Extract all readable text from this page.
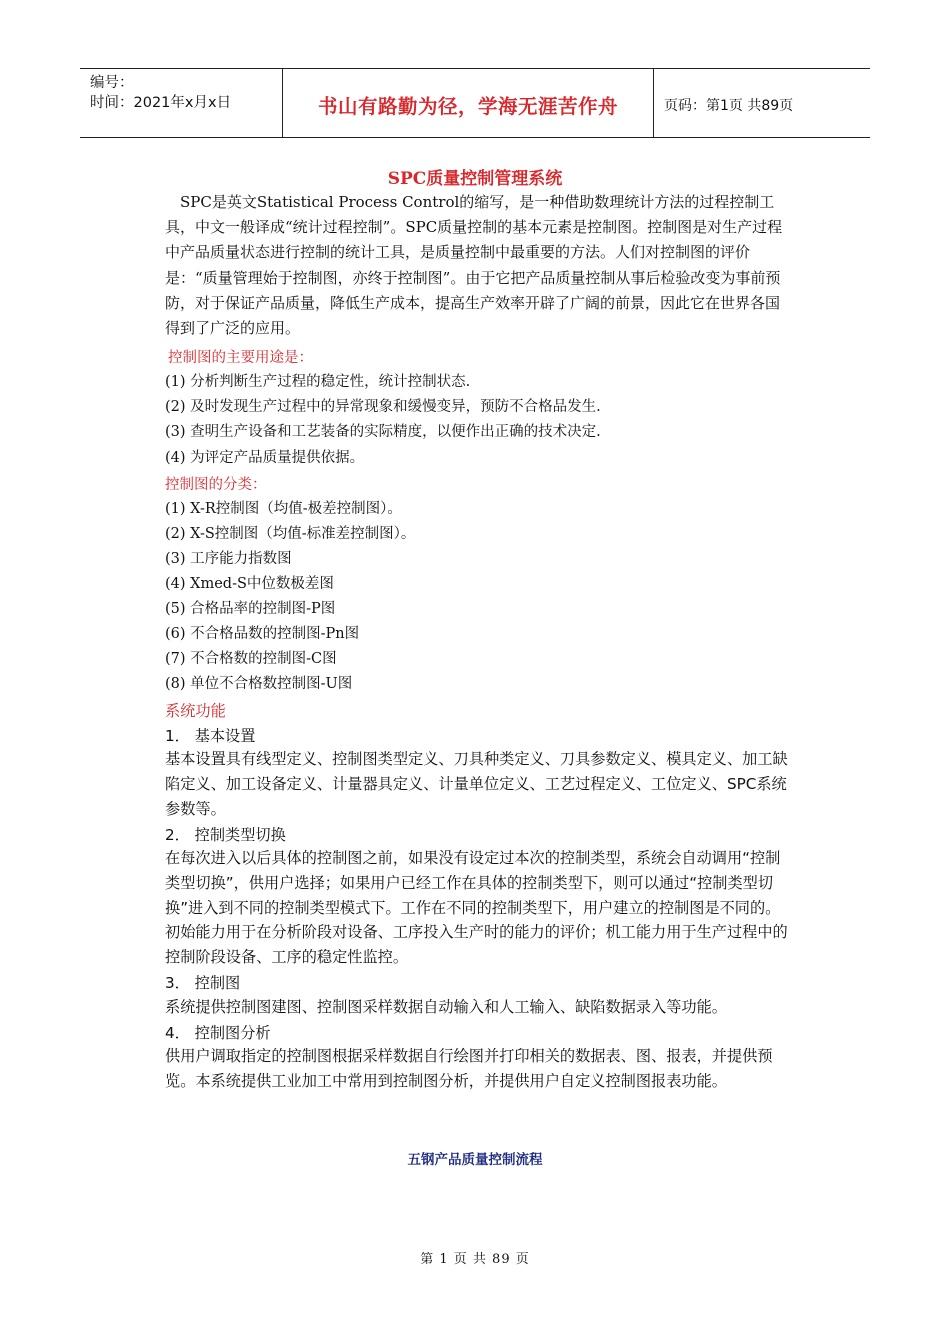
编号：
时间：2021年x月x日	书山有路勤为径，学海无涯苦作舟	页码：第1页 共89页
SPC质量控制管理系统
SPC是英文Statistical Process Control的缩写，是一种借助数理统计方法的过程控制工具，中文一般译成“统计过程控制”。SPC质量控制的基本元素是控制图。控制图是对生产过程中产品质量状态进行控制的统计工具，是质量控制中最重要的方法。人们对控制图的评价是：“质量管理始于控制图，亦终于控制图”。由于它把产品质量控制从事后检验改变为事前预防，对于保证产品质量，降低生产成本，提高生产效率开辟了广阔的前景，因此它在世界各国得到了广泛的应用。
控制图的主要用途是：
(1) 分析判断生产过程的稳定性，统计控制状态.
(2) 及时发现生产过程中的异常现象和缓慢变异，预防不合格品发生.
(3) 查明生产设备和工艺装备的实际精度，以便作出正确的技术决定.
(4) 为评定产品质量提供依据。
控制图的分类：
(1) X-R控制图（均值-极差控制图）。
(2) X-S控制图（均值-标准差控制图）。
(3) 工序能力指数图
(4) Xmed-S中位数极差图
(5) 合格品率的控制图-P图
(6) 不合格品数的控制图-Pn图
(7) 不合格数的控制图-C图
(8) 单位不合格数控制图-U图
系统功能
1． 基本设置
基本设置具有线型定义、控制图类型定义、刀具种类定义、刀具参数定义、模具定义、加工缺陷定义、加工设备定义、计量器具定义、计量单位定义、工艺过程定义、工位定义、SPC系统参数等。
2． 控制类型切换
在每次进入以后具体的控制图之前，如果没有设定过本次的控制类型，系统会自动调用“控制类型切换”，供用户选择；如果用户已经工作在具体的控制类型下，则可以通过“控制类型切换”进入到不同的控制类型模式下。工作在不同的控制类型下，用户建立的控制图是不同的。初始能力用于在分析阶段对设备、工序投入生产时的能力的评价；机工能力用于生产过程中的控制阶段设备、工序的稳定性监控。
3． 控制图
系统提供控制图建图、控制图采样数据自动输入和人工输入、缺陷数据录入等功能。
4． 控制图分析
供用户调取指定的控制图根据采样数据自行绘图并打印相关的数据表、图、报表，并提供预览。本系统提供工业加工中常用到控制图分析，并提供用户自定义控制图报表功能。
五钢产品质量控制流程
第 1 页 共 89 页
